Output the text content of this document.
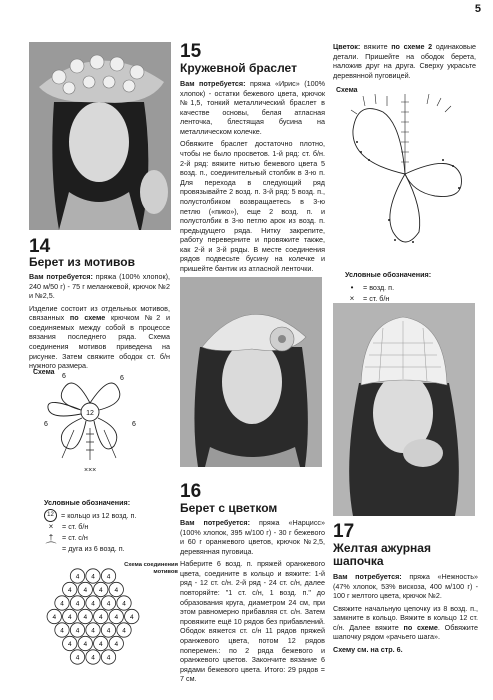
5
14
Берет из мотивов

Вам потребуется: пряжа (100% хлопок), 240 м/50 г) - 75 г меланжевой, крючок №2 и №2,5.

Изделие состоит из отдельных мотивов, связанных по схеме крючком №2 и соединяемых между собой в процессе вязания последнего ряда. Схема соединения мотивов приведена на рисунке. Затем свяжите ободок ст. б/н нужного размера.

Схема
12
6	6
6
6
×××
Условные обозначения:
12 = кольцо из 12 возд. п.
×	= ст. б/н
†	= ст. с/н
⌒ = дуга из 6 возд. п.
Схема соединения мотивов
4 4 4
4 4 4 4
4 4 4 4 4
4 4 4 4 4 4
4 4 4 4 4
4 4 4 4
4 4 4
15
Кружевной браслет

Вам потребуется: пряжа «Ирис» (100% хлопок) - остатки бежевого цвета, крючок №1,5, тонкий металлический браслет в качестве основы, белая атласная ленточка, блестящая бусина на металлическом колечке.

Обвяжите браслет достаточно плотно, чтобы не было просветов. 1-й ряд: ст. б/н. 2-й ряд: вяжите нитью бежевого цвета 5 возд. п., соединительный столбик в 3-ю п. Для перехода в следующий ряд провязывайте 2 возд. п. 3-й ряд: 5 возд. п., полустолбиком возвращаетесь в 3-ю петлю («пико»), еще 2 возд. п. и полустолбик в 3-ю петлю арок из возд. п. предыдущего ряда. Нитку закрепите, работу переверните и провяжите также, как 2-й и 3-й ряды. В месте соединения рядов подвесьте бусину на колечке и пришейте бантик из атласной ленточки.

Цветок: вяжите по схеме 2 одинаковые детали. Пришейте на ободок берета, наложив друг на друга. Сверху украсьте деревянной пуговицей.

Схема
Условные обозначения:
•	= возд. п.
×	= ст. б/н
16
Берет с цветком

Вам потребуется: пряжа «Нарцисс» (100% хлопок, 395 м/100 г) - 30 г бежевого и 60 г оранжевого цветов, крючок №2,5, деревянная пуговица.

Наберите 6 возд. п. пряжей оранжевого цвета, соедините в кольцо и вяжите: 1-й ряд - 12 ст. с/н. 2-й ряд - 24 ст. с/н, далее повторяйте: "1 ст. с/н, 1 возд. п." до образования круга, диаметром 24 см, при этом равномерно прибавляя ст. с/н. Затем провяжите ещё 10 рядов без прибавлений. Ободок вяжется ст. с/н 11 рядов пряжей оранжевого цвета, потом 12 рядов поперемен.: по 2 ряда бежевого и оранжевого цветов. Закончите вязание 6 рядами бежевого цвета. Итого: 29 рядов = 7 см.

17
Желтая ажурная шапочка

Вам потребуется: пряжа «Нежность» (47% хлопок, 53% вискоза, 400 м/100 г) - 100 г желтого цвета, крючок №2.

Свяжите начальную цепочку из 8 возд. п., замкните в кольцо. Вяжите в кольцо 12 ст. с/н. Далее вяжите по схеме. Обвяжите шапочку рядом «рачьего шага».

Схему см. на стр. 6.
